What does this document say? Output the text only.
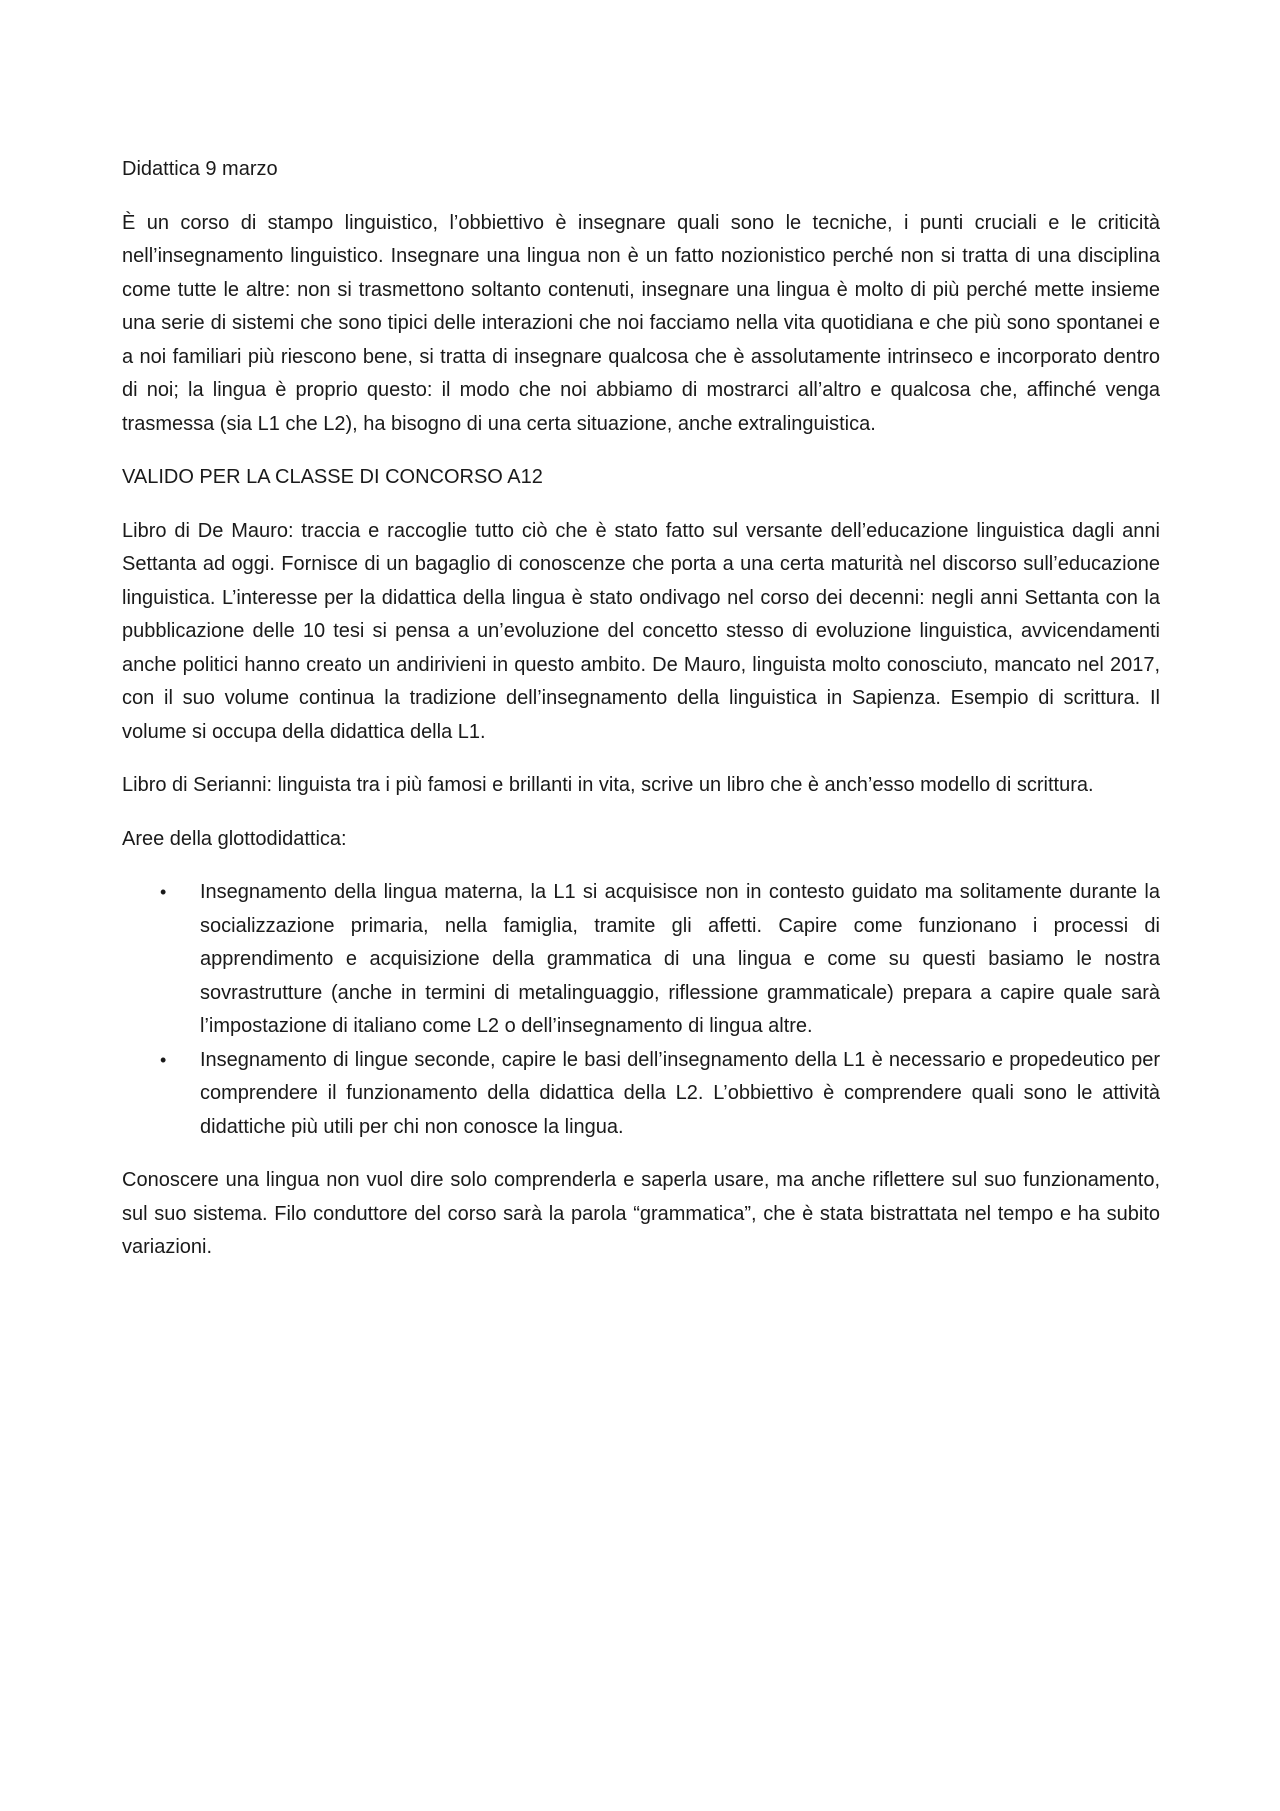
Didattica 9 marzo

È un corso di stampo linguistico, l’obbiettivo è insegnare quali sono le tecniche, i punti cruciali e le criticità nell’insegnamento linguistico. Insegnare una lingua non è un fatto nozionistico perché non si tratta di una disciplina come tutte le altre: non si trasmettono soltanto contenuti, insegnare una lingua è molto di più perché mette insieme una serie di sistemi che sono tipici delle interazioni che noi facciamo nella vita quotidiana e che più sono spontanei e a noi familiari più riescono bene, si tratta di insegnare qualcosa che è assolutamente intrinseco e incorporato dentro di noi; la lingua è proprio questo: il modo che noi abbiamo di mostrarci all’altro e qualcosa che, affinché venga trasmessa (sia L1 che L2), ha bisogno di una certa situazione, anche extralinguistica.

VALIDO PER LA CLASSE DI CONCORSO A12

Libro di De Mauro: traccia e raccoglie tutto ciò che è stato fatto sul versante dell’educazione linguistica dagli anni Settanta ad oggi. Fornisce di un bagaglio di conoscenze che porta a una certa maturità nel discorso sull’educazione linguistica. L’interesse per la didattica della lingua è stato ondivago nel corso dei decenni: negli anni Settanta con la pubblicazione delle 10 tesi si pensa a un’evoluzione del concetto stesso di evoluzione linguistica, avvicendamenti anche politici hanno creato un andirivieni in questo ambito. De Mauro, linguista molto conosciuto, mancato nel 2017, con il suo volume continua la tradizione dell’insegnamento della linguistica in Sapienza. Esempio di scrittura. Il volume si occupa della didattica della L1.

Libro di Serianni: linguista tra i più famosi e brillanti in vita, scrive un libro che è anch’esso modello di scrittura.

Aree della glottodidattica:

• Insegnamento della lingua materna, la L1 si acquisisce non in contesto guidato ma solitamente durante la socializzazione primaria, nella famiglia, tramite gli affetti. Capire come funzionano i processi di apprendimento e acquisizione della grammatica di una lingua e come su questi basiamo le nostra sovrastrutture (anche in termini di metalinguaggio, riflessione grammaticale) prepara a capire quale sarà l’impostazione di italiano come L2 o dell’insegnamento di lingua altre.
• Insegnamento di lingue seconde, capire le basi dell’insegnamento della L1 è necessario e propedeutico per comprendere il funzionamento della didattica della L2. L’obbiettivo è comprendere quali sono le attività didattiche più utili per chi non conosce la lingua.

Conoscere una lingua non vuol dire solo comprenderla e saperla usare, ma anche riflettere sul suo funzionamento, sul suo sistema. Filo conduttore del corso sarà la parola “grammatica”, che è stata bistrattata nel tempo e ha subito variazioni.
